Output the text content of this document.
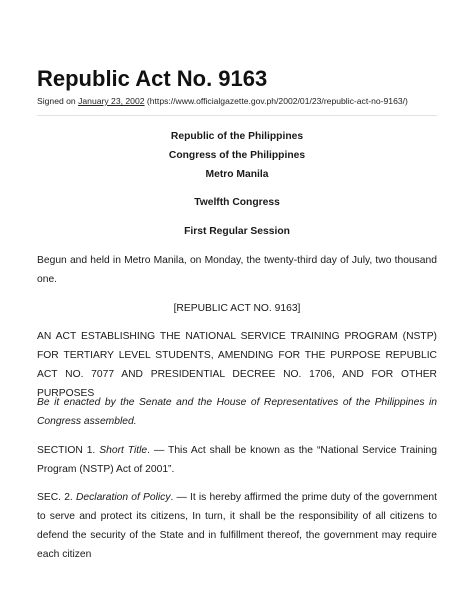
Republic Act No. 9163
Signed on January 23, 2002 (https://www.officialgazette.gov.ph/2002/01/23/republic-act-no-9163/)
Republic of the Philippines
Congress of the Philippines
Metro Manila
Twelfth Congress
First Regular Session

Begun and held in Metro Manila, on Monday, the twenty-third day of July, two thousand one.

[REPUBLIC ACT NO. 9163]

AN ACT ESTABLISHING THE NATIONAL SERVICE TRAINING PROGRAM (NSTP) FOR TERTIARY LEVEL STUDENTS, AMENDING FOR THE PURPOSE REPUBLIC ACT NO. 7077 AND PRESIDENTIAL DECREE NO. 1706, AND FOR OTHER PURPOSES

Be it enacted by the Senate and the House of Representatives of the Philippines in Congress assembled.

SECTION 1. Short Title. — This Act shall be known as the “National Service Training Program (NSTP) Act of 2001”.

SEC. 2. Declaration of Policy. — It is hereby affirmed the prime duty of the government to serve and protect its citizens, In turn, it shall be the responsibility of all citizens to defend the security of the State and in fulfillment thereof, the government may require each citizen
